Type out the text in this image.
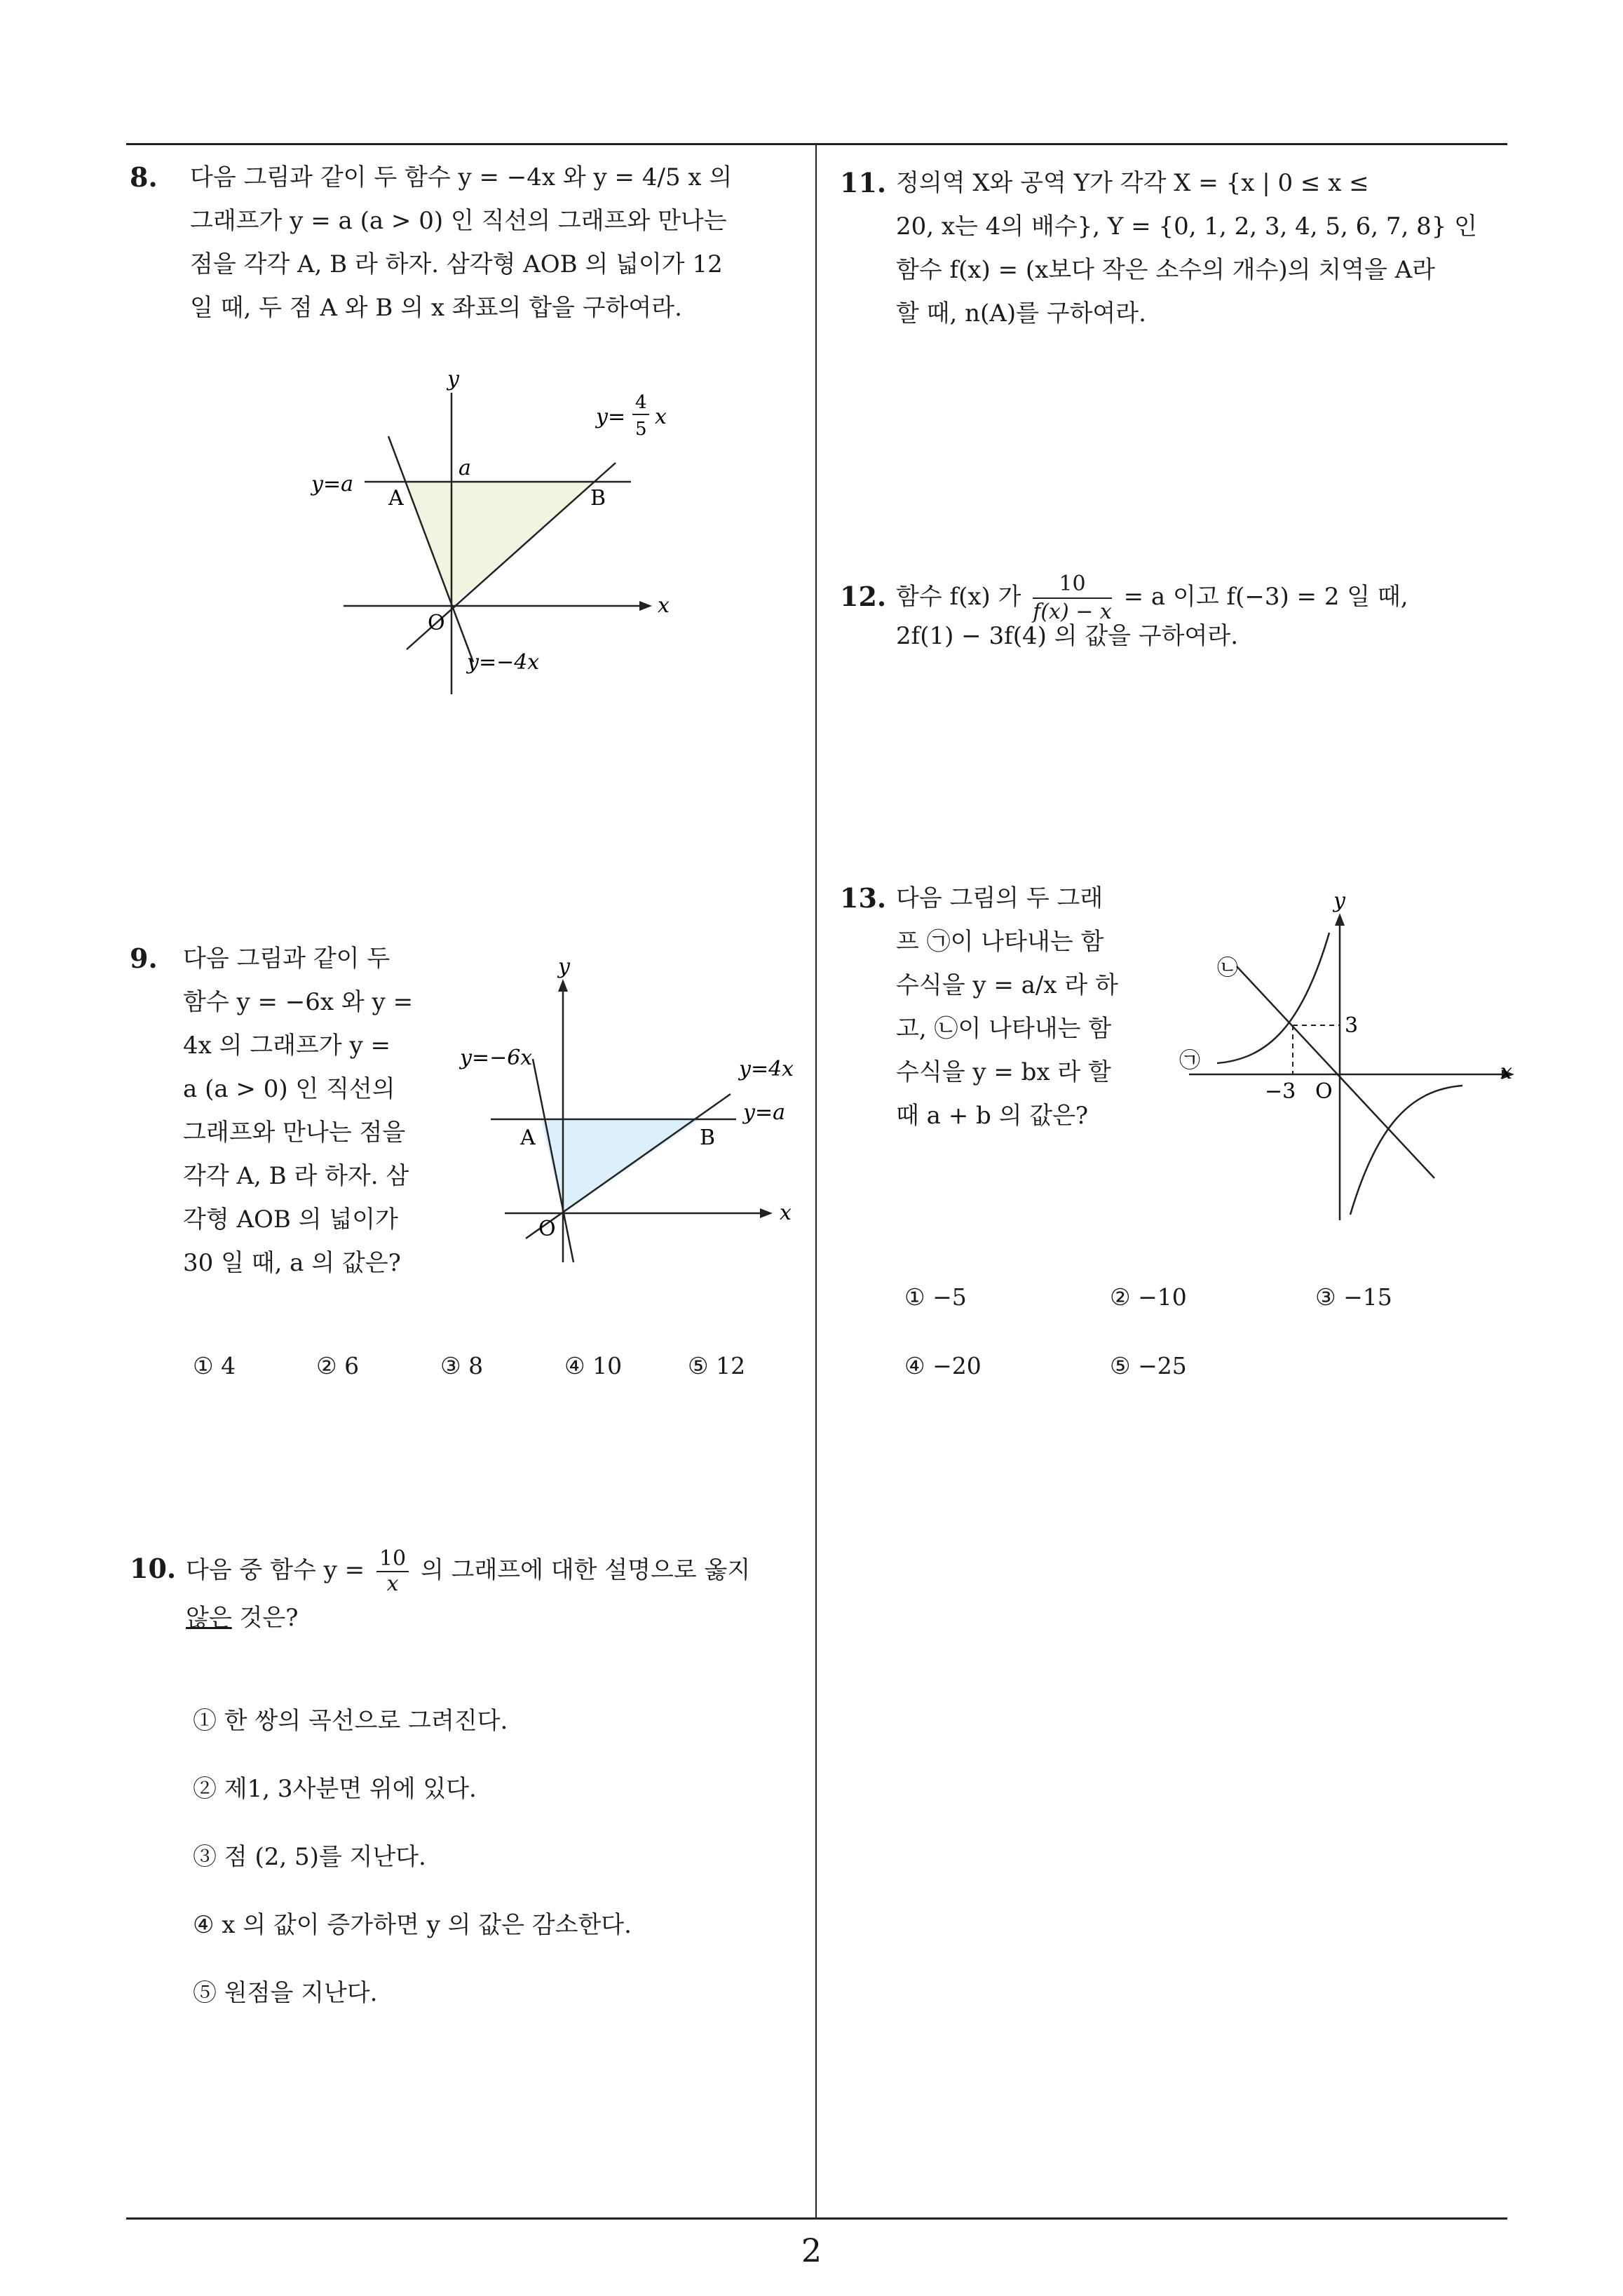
8. 다음 그림과 같이 두 함수 y = −4x 와 y = 4/5 x 의
그래프가 y = a (a > 0) 인 직선의 그래프와 만나는
점을 각각 A, B 라 하자. 삼각형 AOB 의 넓이가 12
일 때, 두 점 A 와 B 의 x 좌표의 합을 구하여라.
y
x
O
y=a
a
A	B
y=−4x
y=
4
5 x
9. 다음 그림과 같이 두
함수 y = −6x 와 y =
4x 의 그래프가 y =
a (a > 0) 인 직선의
그래프와 만나는 점을
각각 A, B 라 하자. 삼
각형 AOB 의 넓이가
30 일 때, a 의 값은?
y
x
O
y=−6x	y=4x
y=a
A	B
① 4	② 6	③ 8	④ 10	⑤ 12
10. 다음 중 함수 $y = \frac{10}{x}$ 의 그래프에 대한 설명으로 옳지
않은 것은?
① 한 쌍의 곡선으로 그려진다.
② 제1, 3사분면 위에 있다.
③ 점 (2, 5)를 지난다.
④ x 의 값이 증가하면 y 의 값은 감소한다.
⑤ 원점을 지난다.
11. 정의역 X와 공역 Y가 각각 X = {x | 0 ≤ x ≤
20, x는 4의 배수}, Y = {0, 1, 2, 3, 4, 5, 6, 7, 8} 인
함수 f(x) = (x보다 작은 소수의 개수)의 치역을 A라
할 때, n(A)를 구하여라.
12. 함수 f(x) 가 $\frac{10}{f(x) - x} = a$ 이고 f(−3) = 2 일 때,
2f(1) − 3f(4) 의 값을 구하여라.
13. 다음 그림의 두 그래
프 ㉠이 나타내는 함
수식을 y = a/x 라 하
고, ㉡이 나타내는 함
수식을 y = bx 라 할
때 a + b 의 값은?
y
x
O
−3
3
㉠
㉡
① −5	② −10	③ −15
④ −20	⑤ −25
2
